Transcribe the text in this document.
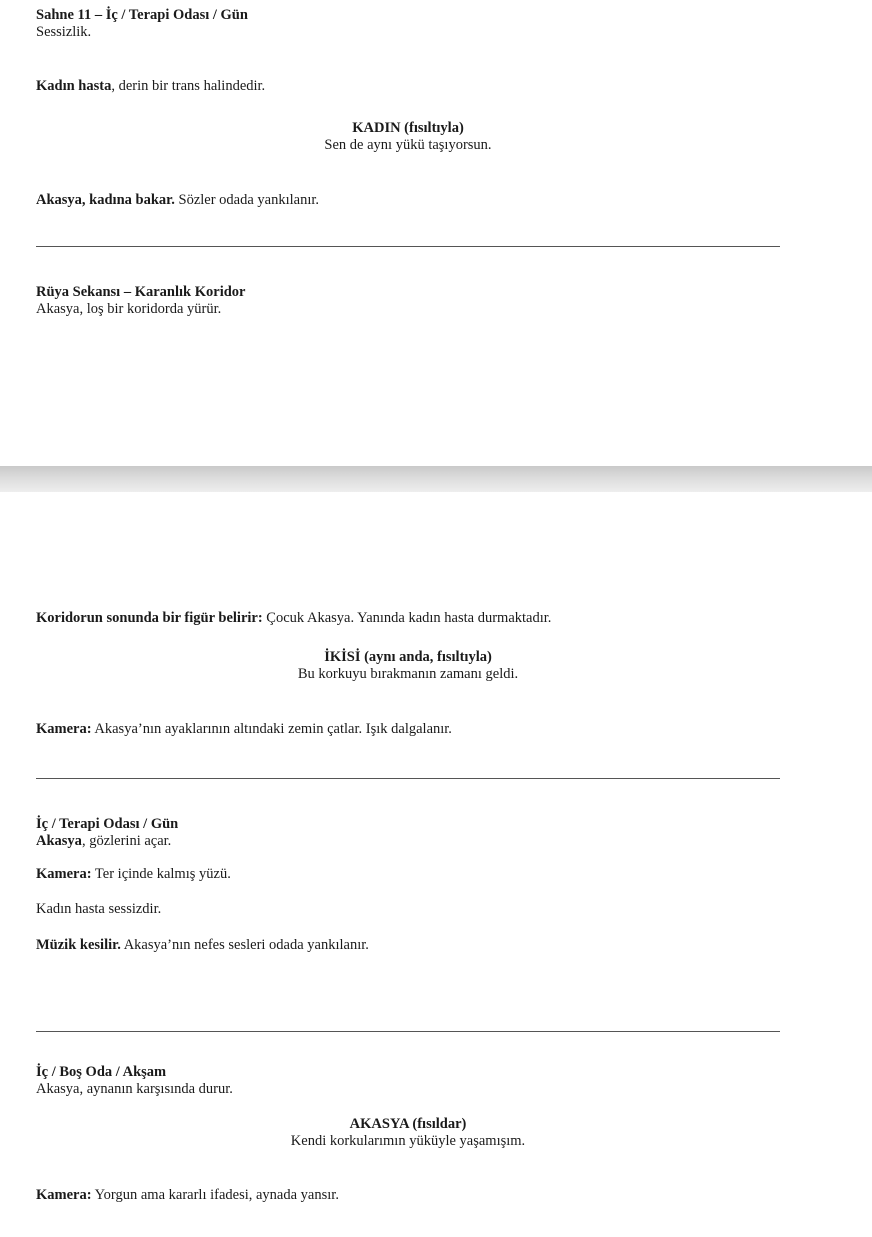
Sahne 11 – İç / Terapi Odası / Gün
Sessizlik.

Kadın hasta, derin bir trans halindedir.

KADIN (fısıltıyla)
Sen de aynı yükü taşıyorsun.

Akasya, kadına bakar. Sözler odada yankılanır.

Rüya Sekansı – Karanlık Koridor
Akasya, loş bir koridorda yürür.

Koridorun sonunda bir figür belirir: Çocuk Akasya. Yanında kadın hasta durmaktadır.

İKİSİ (aynı anda, fısıltıyla)
Bu korkuyu bırakmanın zamanı geldi.

Kamera: Akasya’nın ayaklarının altındaki zemin çatlar. Işık dalgalanır.

İç / Terapi Odası / Gün
Akasya, gözlerini açar.

Kamera: Ter içinde kalmış yüzü.

Kadın hasta sessizdir.

Müzik kesilir. Akasya’nın nefes sesleri odada yankılanır.

İç / Boş Oda / Akşam
Akasya, aynanın karşısında durur.
AKASYA (fısıldar)
Kendi korkularımın yüküyle yaşamışım.

Kamera: Yorgun ama kararlı ifadesi, aynada yansır.
